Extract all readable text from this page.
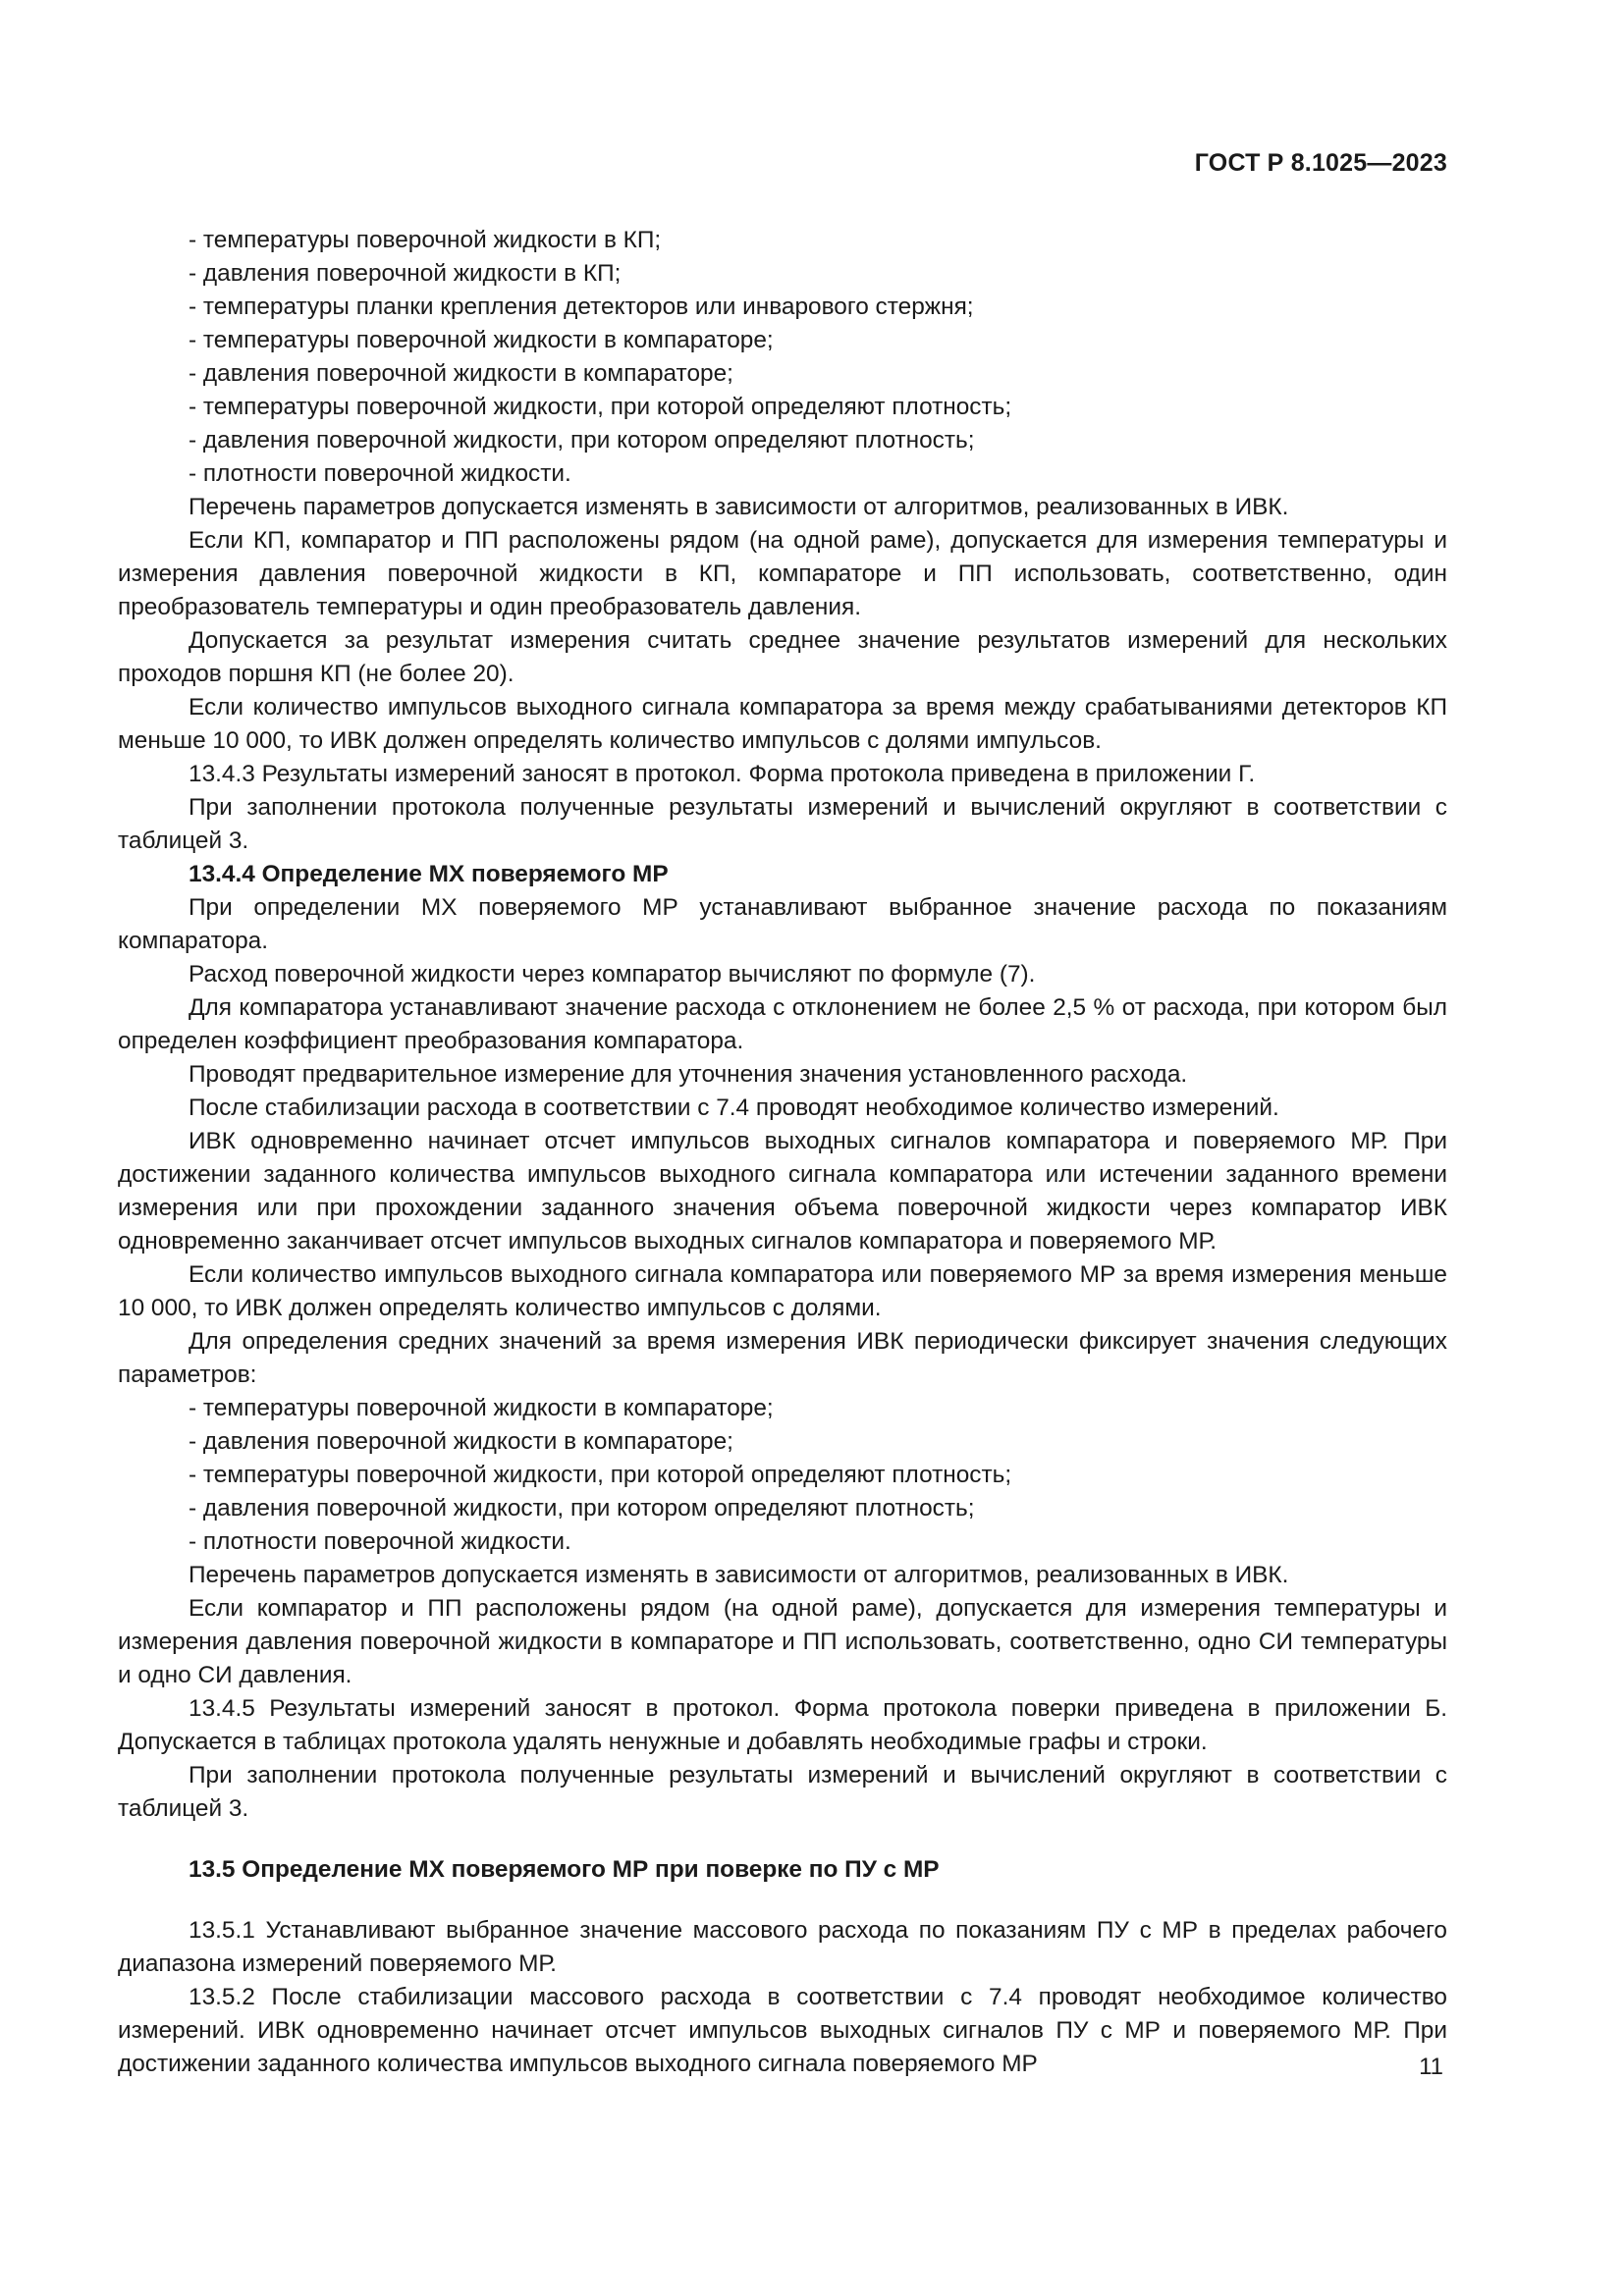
ГОСТ Р 8.1025—2023

- температуры поверочной жидкости в КП;

- давления поверочной жидкости в КП;

- температуры планки крепления детекторов или инварового стержня;

- температуры поверочной жидкости в компараторе;

- давления поверочной жидкости в компараторе;

- температуры поверочной жидкости, при которой определяют плотность;

- давления поверочной жидкости, при котором определяют плотность;

- плотности поверочной жидкости.

Перечень параметров допускается изменять в зависимости от алгоритмов, реализованных в ИВК.

Если КП, компаратор и ПП расположены рядом (на одной раме), допускается для измерения температуры и измерения давления поверочной жидкости в КП, компараторе и ПП использовать, соответственно, один преобразователь температуры и один преобразователь давления.

Допускается за результат измерения считать среднее значение результатов измерений для нескольких проходов поршня КП (не более 20).

Если количество импульсов выходного сигнала компаратора за время между срабатываниями детекторов КП меньше 10 000, то ИВК должен определять количество импульсов с долями импульсов.

13.4.3 Результаты измерений заносят в протокол. Форма протокола приведена в приложении Г.

При заполнении протокола полученные результаты измерений и вычислений округляют в соответствии с таблицей 3.

13.4.4 Определение МХ поверяемого МР

При определении МХ поверяемого МР устанавливают выбранное значение расхода по показаниям компаратора.

Расход поверочной жидкости через компаратор вычисляют по формуле (7).

Для компаратора устанавливают значение расхода с отклонением не более 2,5 % от расхода, при котором был определен коэффициент преобразования компаратора.

Проводят предварительное измерение для уточнения значения установленного расхода.

После стабилизации расхода в соответствии с 7.4 проводят необходимое количество измерений.

ИВК одновременно начинает отсчет импульсов выходных сигналов компаратора и поверяемого МР. При достижении заданного количества импульсов выходного сигнала компаратора или истечении заданного времени измерения или при прохождении заданного значения объема поверочной жидкости через компаратор ИВК одновременно заканчивает отсчет импульсов выходных сигналов компаратора и поверяемого МР.

Если количество импульсов выходного сигнала компаратора или поверяемого МР за время измерения меньше 10 000, то ИВК должен определять количество импульсов с долями.

Для определения средних значений за время измерения ИВК периодически фиксирует значения следующих параметров:

- температуры поверочной жидкости в компараторе;

- давления поверочной жидкости в компараторе;

- температуры поверочной жидкости, при которой определяют плотность;

- давления поверочной жидкости, при котором определяют плотность;

- плотности поверочной жидкости.

Перечень параметров допускается изменять в зависимости от алгоритмов, реализованных в ИВК.

Если компаратор и ПП расположены рядом (на одной раме), допускается для измерения температуры и измерения давления поверочной жидкости в компараторе и ПП использовать, соответственно, одно СИ температуры и одно СИ давления.

13.4.5 Результаты измерений заносят в протокол. Форма протокола поверки приведена в приложении Б. Допускается в таблицах протокола удалять ненужные и добавлять необходимые графы и строки.

При заполнении протокола полученные результаты измерений и вычислений округляют в соответствии с таблицей 3.

13.5 Определение МХ поверяемого МР при поверке по ПУ с МР

13.5.1 Устанавливают выбранное значение массового расхода по показаниям ПУ с МР в пределах рабочего диапазона измерений поверяемого МР.

13.5.2 После стабилизации массового расхода в соответствии с 7.4 проводят необходимое количество измерений. ИВК одновременно начинает отсчет импульсов выходных сигналов ПУ с МР и поверяемого МР. При достижении заданного количества импульсов выходного сигнала поверяемого МР	11
